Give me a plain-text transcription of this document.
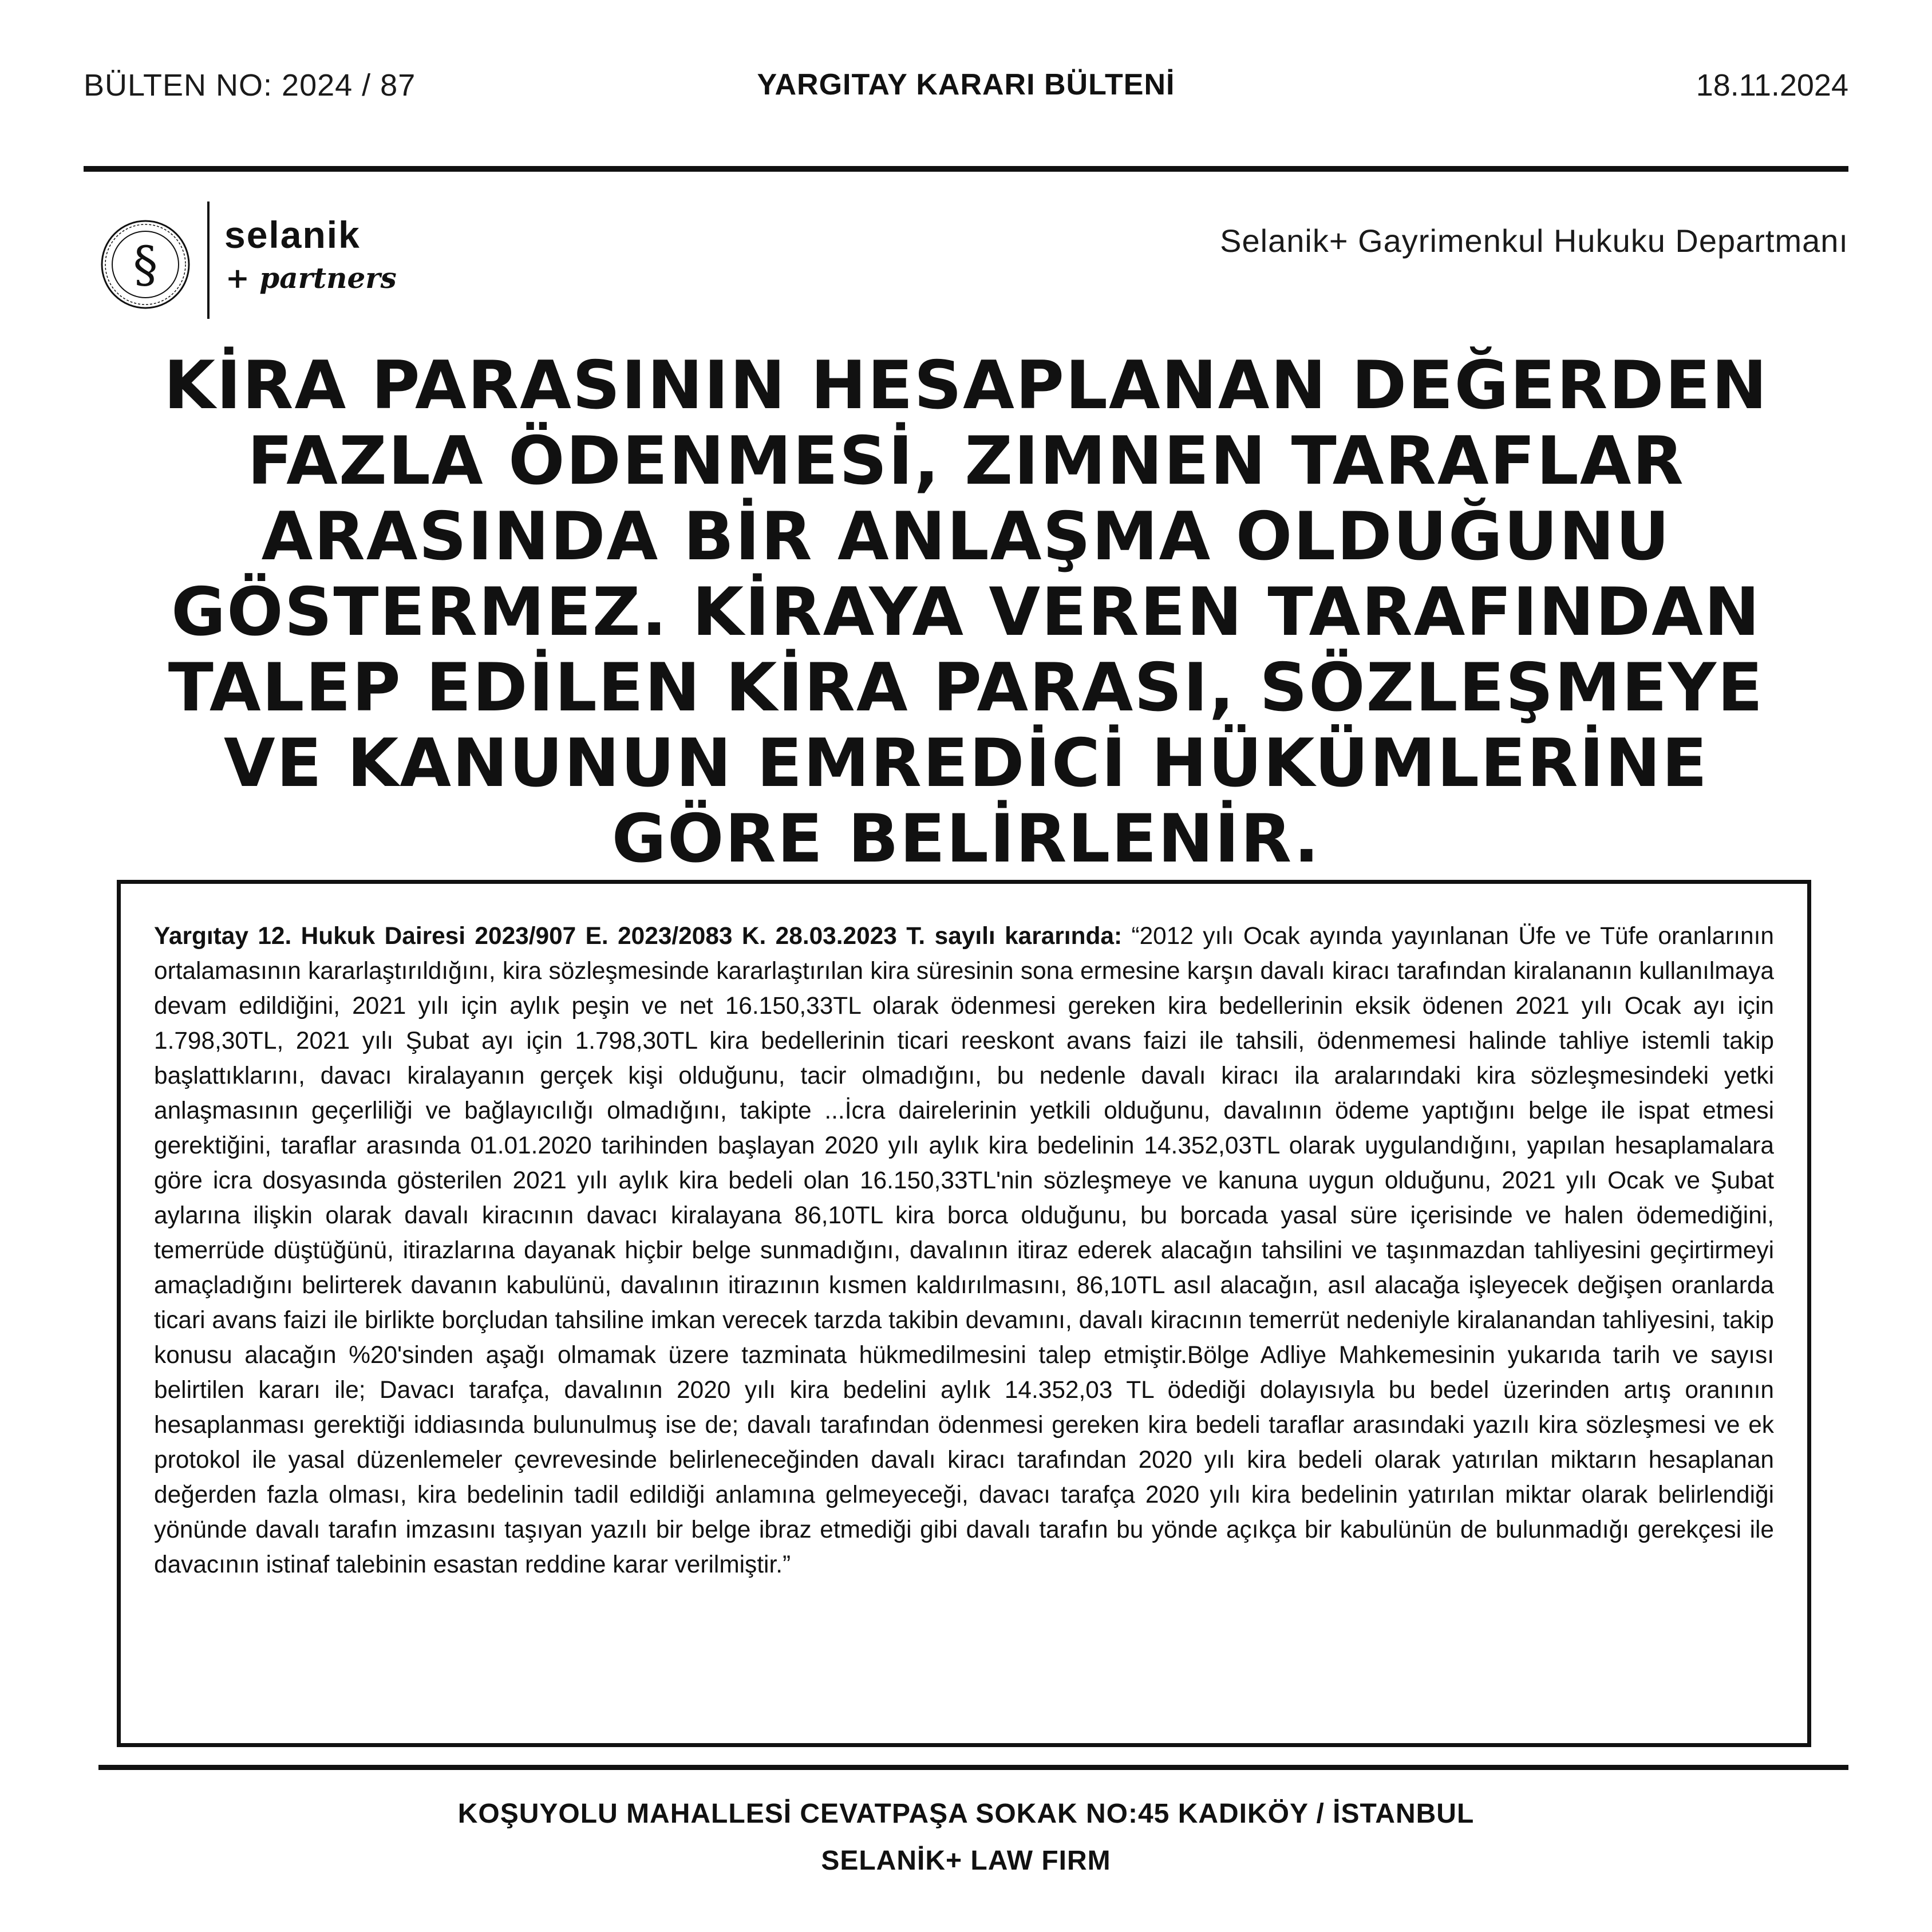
BÜLTEN NO: 2024 / 87	YARGITAY KARARI BÜLTENİ	18.11.2024
§
selanik
+ partners
Selanik+ Gayrimenkul Hukuku Departmanı
KİRA PARASININ HESAPLANAN DEĞERDEN FAZLA ÖDENMESİ, ZIMNEN TARAFLAR ARASINDA BİR ANLAŞMA OLDUĞUNU GÖSTERMEZ. KİRAYA VEREN TARAFINDAN TALEP EDİLEN KİRA PARASI, SÖZLEŞMEYE VE KANUNUN EMREDİCİ HÜKÜMLERİNE GÖRE BELİRLENİR.

Yargıtay 12. Hukuk Dairesi 2023/907 E. 2023/2083 K. 28.03.2023 T. sayılı kararında: “2012 yılı Ocak ayında yayınlanan Üfe ve Tüfe oranlarının ortalamasının kararlaştırıldığını, kira sözleşmesinde kararlaştırılan kira süresinin sona ermesine karşın davalı kiracı tarafından kiralananın kullanılmaya devam edildiğini, 2021 yılı için aylık peşin ve net 16.150,33TL olarak ödenmesi gereken kira bedellerinin eksik ödenen 2021 yılı Ocak ayı için 1.798,30TL, 2021 yılı Şubat ayı için 1.798,30TL kira bedellerinin ticari reeskont avans faizi ile tahsili, ödenmemesi halinde tahliye istemli takip başlattıklarını, davacı kiralayanın gerçek kişi olduğunu, tacir olmadığını, bu nedenle davalı kiracı ila aralarındaki kira sözleşmesindeki yetki anlaşmasının geçerliliği ve bağlayıcılığı olmadığını, takipte ...İcra dairelerinin yetkili olduğunu, davalının ödeme yaptığını belge ile ispat etmesi gerektiğini, taraflar arasında 01.01.2020 tarihinden başlayan 2020 yılı aylık kira bedelinin 14.352,03TL olarak uygulandığını, yapılan hesaplamalara göre icra dosyasında gösterilen 2021 yılı aylık kira bedeli olan 16.150,33TL'nin sözleşmeye ve kanuna uygun olduğunu, 2021 yılı Ocak ve Şubat aylarına ilişkin olarak davalı kiracının davacı kiralayana 86,10TL kira borca olduğunu, bu borcada yasal süre içerisinde ve halen ödemediğini, temerrüde düştüğünü, itirazlarına dayanak hiçbir belge sunmadığını, davalının itiraz ederek alacağın tahsilini ve taşınmazdan tahliyesini geçirtirmeyi amaçladığını belirterek davanın kabulünü, davalının itirazının kısmen kaldırılmasını, 86,10TL asıl alacağın, asıl alacağa işleyecek değişen oranlarda ticari avans faizi ile birlikte borçludan tahsiline imkan verecek tarzda takibin devamını, davalı kiracının temerrüt nedeniyle kiralanandan tahliyesini, takip konusu alacağın %20'sinden aşağı olmamak üzere tazminata hükmedilmesini talep etmiştir.Bölge Adliye Mahkemesinin yukarıda tarih ve sayısı belirtilen kararı ile; Davacı tarafça, davalının 2020 yılı kira bedelini aylık 14.352,03 TL ödediği dolayısıyla bu bedel üzerinden artış oranının hesaplanması gerektiği iddiasında bulunulmuş ise de; davalı tarafından ödenmesi gereken kira bedeli taraflar arasındaki yazılı kira sözleşmesi ve ek protokol ile yasal düzenlemeler çevrevesinde belirleneceğinden davalı kiracı tarafından 2020 yılı kira bedeli olarak yatırılan miktarın hesaplanan değerden fazla olması, kira bedelinin tadil edildiği anlamına gelmeyeceği, davacı tarafça 2020 yılı kira bedelinin yatırılan miktar olarak belirlendiği yönünde davalı tarafın imzasını taşıyan yazılı bir belge ibraz etmediği gibi davalı tarafın bu yönde açıkça bir kabulünün de bulunmadığı gerekçesi ile davacının istinaf talebinin esastan reddine karar verilmiştir.”

KOŞUYOLU MAHALLESİ CEVATPAŞA SOKAK NO:45 KADIKÖY / İSTANBUL
SELANİK+ LAW FIRM
